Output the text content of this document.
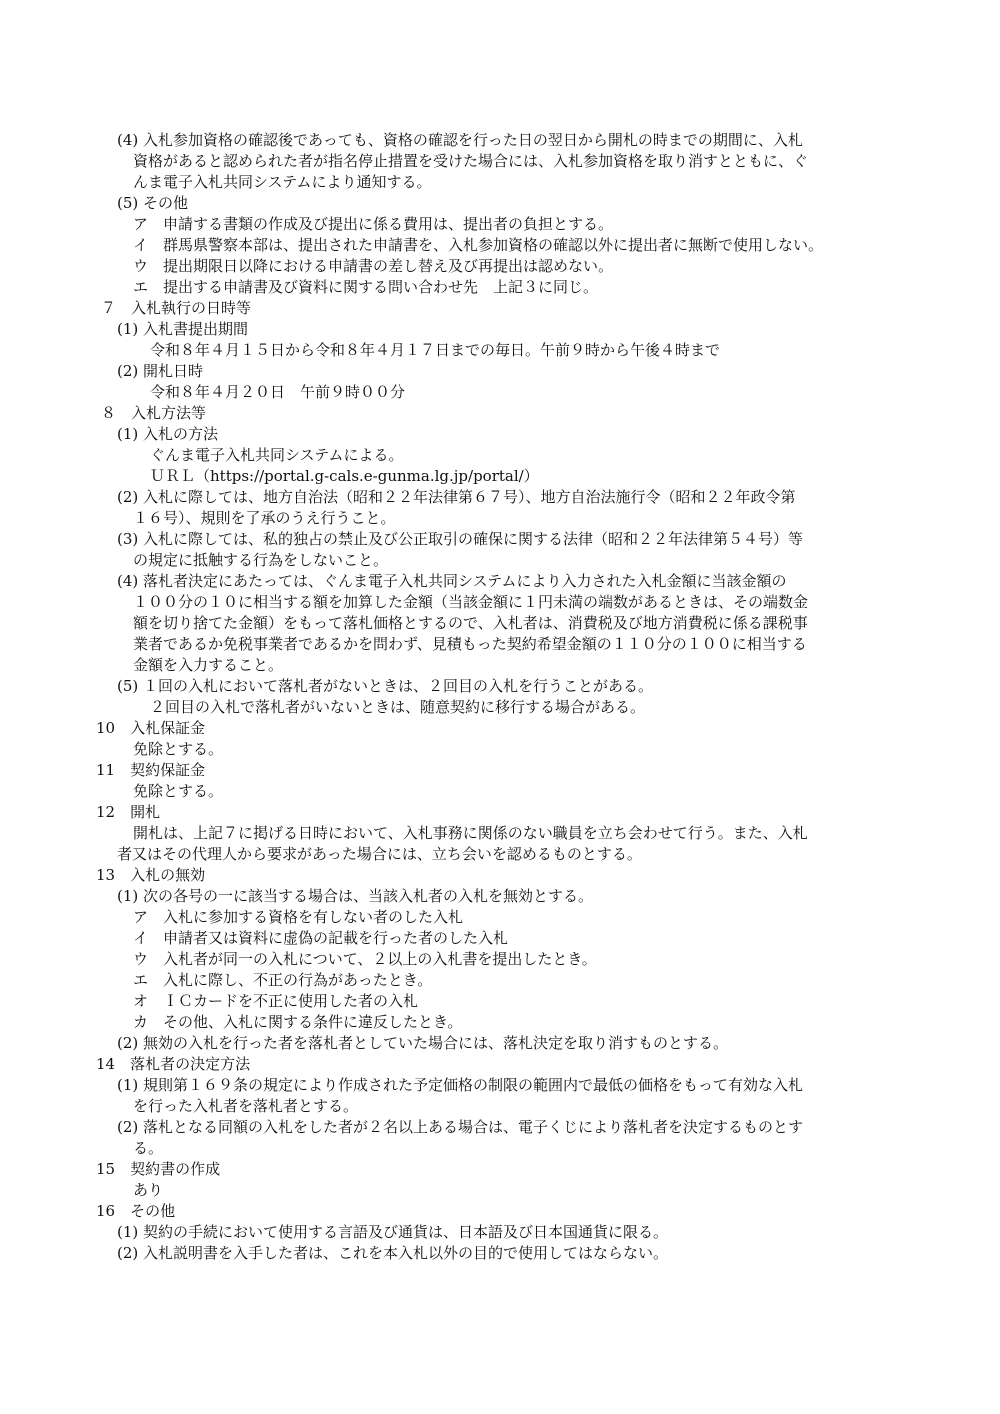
(4) 入札参加資格の確認後であっても、資格の確認を行った日の翌日から開札の時までの期間に、入札
資格があると認められた者が指名停止措置を受けた場合には、入札参加資格を取り消すとともに、ぐ
んま電子入札共同システムにより通知する。
(5) その他
ア　申請する書類の作成及び提出に係る費用は、提出者の負担とする。
イ　群馬県警察本部は、提出された申請書を、入札参加資格の確認以外に提出者に無断で使用しない。
ウ　提出期限日以降における申請書の差し替え及び再提出は認めない。
エ　提出する申請書及び資料に関する問い合わせ先　上記３に同じ。
７　入札執行の日時等
(1) 入札書提出期間
令和８年４月１５日から令和８年４月１７日までの毎日。午前９時から午後４時まで
(2) 開札日時
令和８年４月２０日　午前９時００分
８　入札方法等
(1) 入札の方法
ぐんま電子入札共同システムによる。
ＵＲＬ（https://portal.g-cals.e-gunma.lg.jp/portal/）
(2) 入札に際しては、地方自治法（昭和２２年法律第６７号）、地方自治法施行令（昭和２２年政令第
１６号）、規則を了承のうえ行うこと。
(3) 入札に際しては、私的独占の禁止及び公正取引の確保に関する法律（昭和２２年法律第５４号）等
の規定に抵触する行為をしないこと。
(4) 落札者決定にあたっては、ぐんま電子入札共同システムにより入力された入札金額に当該金額の
１００分の１０に相当する額を加算した金額（当該金額に１円未満の端数があるときは、その端数金
額を切り捨てた金額）をもって落札価格とするので、入札者は、消費税及び地方消費税に係る課税事
業者であるか免税事業者であるかを問わず、見積もった契約希望金額の１１０分の１００に相当する
金額を入力すること。
(5) １回の入札において落札者がないときは、２回目の入札を行うことがある。
２回目の入札で落札者がいないときは、随意契約に移行する場合がある。
10　入札保証金
免除とする。
11　契約保証金
免除とする。
12　開札
開札は、上記７に掲げる日時において、入札事務に関係のない職員を立ち会わせて行う。また、入札
者又はその代理人から要求があった場合には、立ち会いを認めるものとする。
13　入札の無効
(1) 次の各号の一に該当する場合は、当該入札者の入札を無効とする。
ア　入札に参加する資格を有しない者のした入札
イ　申請者又は資料に虚偽の記載を行った者のした入札
ウ　入札者が同一の入札について、２以上の入札書を提出したとき。
エ　入札に際し、不正の行為があったとき。
オ　ＩＣカードを不正に使用した者の入札
カ　その他、入札に関する条件に違反したとき。
(2) 無効の入札を行った者を落札者としていた場合には、落札決定を取り消すものとする。
14　落札者の決定方法
(1) 規則第１６９条の規定により作成された予定価格の制限の範囲内で最低の価格をもって有効な入札
を行った入札者を落札者とする。
(2) 落札となる同額の入札をした者が２名以上ある場合は、電子くじにより落札者を決定するものとす
る。
15　契約書の作成
あり
16　その他
(1) 契約の手続において使用する言語及び通貨は、日本語及び日本国通貨に限る。
(2) 入札説明書を入手した者は、これを本入札以外の目的で使用してはならない。
